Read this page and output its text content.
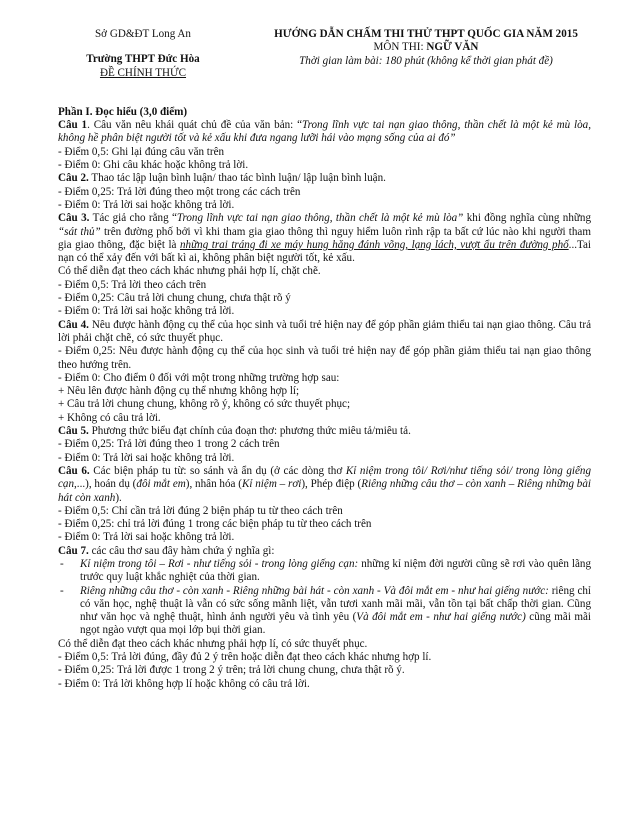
Sở GD&ĐT Long An
Trường THPT Đức Hòa
ĐỀ CHÍNH THỨC
HƯỚNG DẪN CHẤM THI THỬ THPT QUỐC GIA NĂM 2015
MÔN THI: NGỮ VĂN
Thời gian làm bài: 180 phút (không kể thời gian phát đề)

Phần I. Đọc hiểu (3,0 điểm)

Câu 1. Câu văn nêu khái quát chủ đề của văn bản: “Trong lĩnh vực tai nạn giao thông, thần chết là một kẻ mù lòa, không hề phân biệt người tốt và kẻ xấu khi đưa ngang lưỡi hái vào mạng sống của ai đó”

- Điểm 0,5: Ghi lại đúng câu văn trên

- Điểm 0: Ghi câu khác hoặc không trả lời.

Câu 2. Thao tác lập luận bình luận/ thao tác bình luận/ lập luận bình luận.

- Điểm 0,25: Trả lời đúng theo một trong các cách trên

- Điểm 0: Trả lời sai hoặc không trả lời.

Câu 3. Tác giả cho rằng “Trong lĩnh vực tai nạn giao thông, thần chết là một kẻ mù lòa” khi đồng nghĩa cùng những “sát thủ” trên đường phố bởi vì khi tham gia giao thông thì nguy hiểm luôn rình rập ta bất cứ lúc nào khi người tham gia giao thông, đặc biệt là những trai tráng đi xe máy hung hăng đánh võng, lạng lách, vượt ẩu trên đường phố...Tai nạn có thể xảy đến với bất kì ai, không phân biệt người tốt, kẻ xấu.

Có thể diễn đạt theo cách khác nhưng phải hợp lí, chặt chẽ.

- Điểm 0,5: Trả lời theo cách trên

- Điểm 0,25: Câu trả lời chung chung, chưa thật rõ ý

- Điểm 0: Trả lời sai hoặc không trả lời.

Câu 4. Nêu được hành động cụ thể của học sinh và tuổi trẻ hiện nay để góp phần giảm thiểu tai nạn giao thông. Câu trả lời phải chặt chẽ, có sức thuyết phục.

- Điểm 0,25: Nêu được hành động cụ thể của học sinh và tuổi trẻ hiện nay để góp phần giảm thiểu tai nạn giao thông theo hướng trên.

- Điểm 0: Cho điểm 0 đối với một trong những trường hợp sau:

+ Nêu lên được hành động cụ thể nhưng không hợp lí;

+ Câu trả lời chung chung, không rõ ý, không có sức thuyết phục;

+ Không có câu trả lời.

Câu 5. Phương thức biểu đạt chính của đoạn thơ: phương thức miêu tả/miêu tả.

- Điểm 0,25: Trả lời đúng theo 1 trong 2 cách trên

- Điểm 0: Trả lời sai hoặc không trả lời.

Câu 6. Các biện pháp tu từ: so sánh và ẩn dụ (ở các dòng thơ Kỉ niệm trong tôi/ Rơi/như tiếng sỏi/ trong lòng giếng cạn,...), hoán dụ (đôi mắt em), nhân hóa (Kỉ niệm – rơi), Phép điệp (Riêng những câu thơ – còn xanh – Riêng những bài hát còn xanh).

- Điểm 0,5: Chỉ cần trả lời đúng 2 biện pháp tu từ theo cách trên

- Điểm 0,25: chỉ trả lời đúng 1 trong các biện pháp tu từ theo cách trên

- Điểm 0: Trả lời sai hoặc không trả lời.

Câu 7. các câu thơ sau đây hàm chứa ý nghĩa gì:

-	Kỉ niệm trong tôi – Rơi - như tiếng sỏi - trong lòng giếng cạn: những kỉ niệm đời người cũng sẽ rơi vào quên lãng trước quy luật khắc nghiệt của thời gian.
-	Riêng những câu thơ - còn xanh - Riêng những bài hát - còn xanh - Và đôi mắt em - như hai giếng nước: riêng chỉ có văn học, nghệ thuật là vẫn có sức sống mãnh liệt, vẫn tươi xanh mãi mãi, vẫn tồn tại bất chấp thời gian. Cũng như văn học và nghệ thuật, hình ảnh người yêu và tình yêu (Và đôi mắt em - như hai giếng nước) cũng mãi mãi ngọt ngào vượt qua mọi lớp bụi thời gian.

Có thể diễn đạt theo cách khác nhưng phải hợp lí, có sức thuyết phục.

- Điểm 0,5: Trả lời đúng, đầy đủ 2 ý trên hoặc diễn đạt theo cách khác nhưng hợp lí.

- Điểm 0,25: Trả lời được 1 trong 2 ý trên; trả lời chung chung, chưa thật rõ ý.

- Điểm 0: Trả lời không hợp lí hoặc không có câu trả lời.
